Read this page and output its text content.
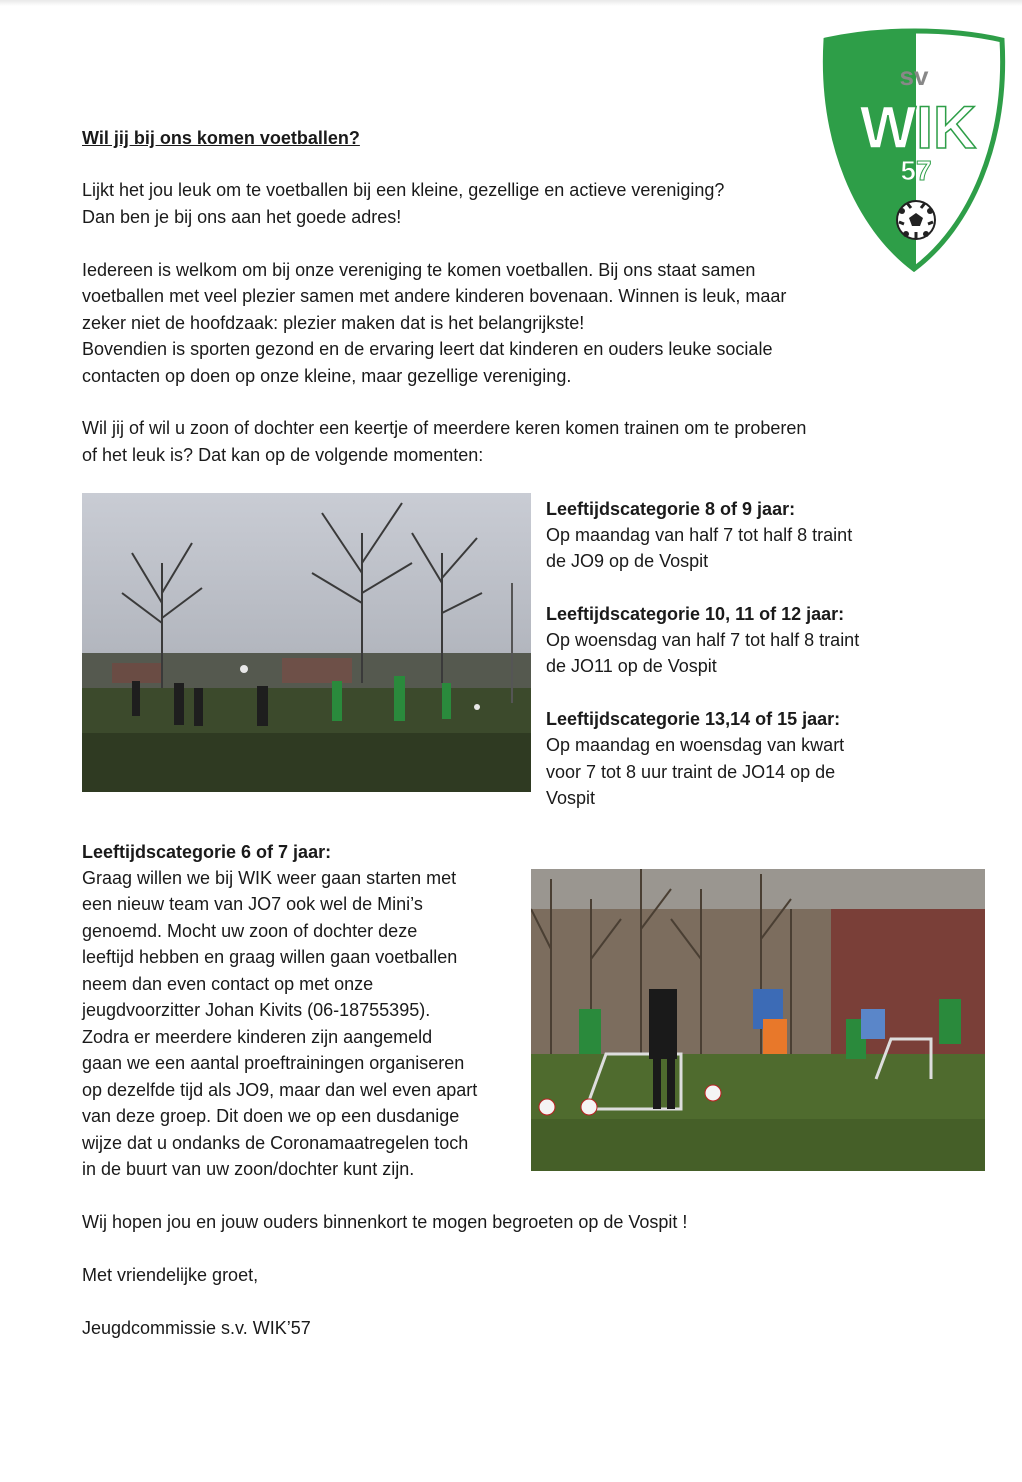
sv
WIK
57

Wil jij bij ons komen voetballen?

Lijkt het jou leuk om te voetballen bij een kleine, gezellige en actieve vereniging?

Dan ben je bij ons aan het goede adres!

Iedereen is welkom om bij onze vereniging te komen voetballen. Bij ons staat samen

voetballen met veel plezier samen met andere kinderen bovenaan. Winnen is leuk, maar

zeker niet de hoofdzaak: plezier maken dat is het belangrijkste!

Bovendien is sporten gezond en de ervaring leert dat kinderen en ouders leuke sociale

contacten op doen op onze kleine, maar gezellige vereniging.

Wil jij of wil u zoon of dochter een keertje of meerdere keren komen trainen om te proberen

of het leuk is? Dat kan op de volgende momenten:

Leeftijdscategorie 8 of 9 jaar:

Op maandag van half 7 tot half 8 traint

de JO9 op de Vospit

Leeftijdscategorie 10, 11 of 12 jaar:

Op woensdag van half 7 tot half 8 traint

de JO11 op de Vospit

Leeftijdscategorie 13,14 of 15 jaar:

Op maandag en woensdag van kwart

voor 7 tot 8 uur traint de JO14 op de

Vospit

Leeftijdscategorie 6 of 7 jaar:

Graag willen we bij WIK weer gaan starten met

een nieuw team van JO7 ook wel de Mini’s

genoemd. Mocht uw zoon of dochter deze

leeftijd hebben en graag willen gaan voetballen

neem dan even contact op met onze

jeugdvoorzitter Johan Kivits (06-18755395).

Zodra er meerdere kinderen zijn aangemeld

gaan we een aantal proeftrainingen organiseren

op dezelfde tijd als JO9, maar dan wel even apart

van deze groep. Dit doen we op een dusdanige

wijze dat u ondanks de Coronamaatregelen toch

in de buurt van uw zoon/dochter kunt zijn.

Wij hopen jou en jouw ouders binnenkort te mogen begroeten op de Vospit !

Met vriendelijke groet,

Jeugdcommissie s.v. WIK’57
